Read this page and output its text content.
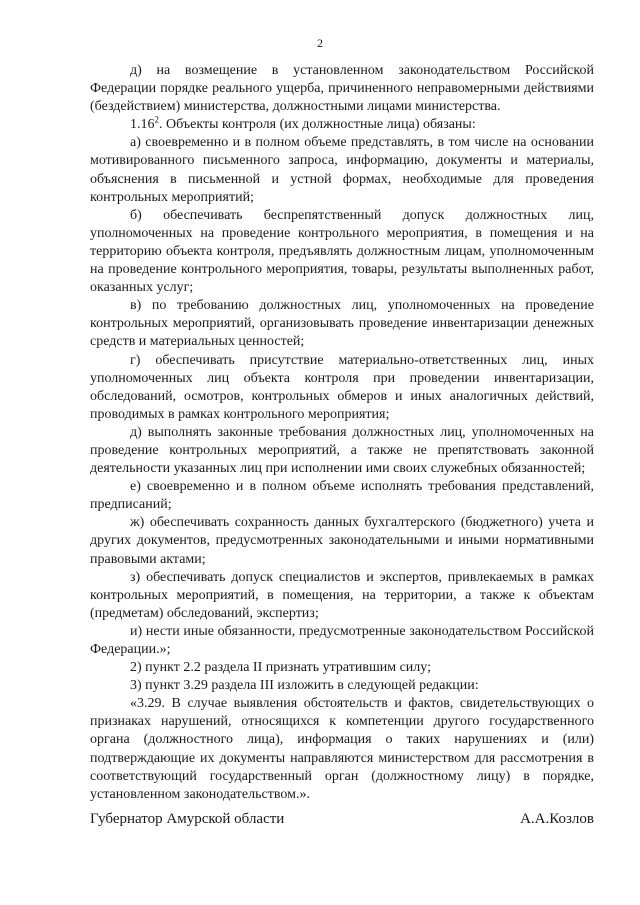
2

д) на возмещение в установленном законодательством Российской Федерации порядке реального ущерба, причиненного неправомерными действиями (бездействием) министерства, должностными лицами министерства.

1.16$^2$. Объекты контроля (их должностные лица) обязаны:

а) своевременно и в полном объеме представлять, в том числе на основании мотивированного письменного запроса, информацию, документы и материалы, объяснения в письменной и устной формах, необходимые для проведения контрольных мероприятий;

б) обеспечивать беспрепятственный допуск должностных лиц, уполномоченных на проведение контрольного мероприятия, в помещения и на территорию объекта контроля, предъявлять должностным лицам, уполномоченным на проведение контрольного мероприятия, товары, результаты выполненных работ, оказанных услуг;

в) по требованию должностных лиц, уполномоченных на проведение контрольных мероприятий, организовывать проведение инвентаризации денежных средств и материальных ценностей;

г) обеспечивать присутствие материально-ответственных лиц, иных уполномоченных лиц объекта контроля при проведении инвентаризации, обследований, осмотров, контрольных обмеров и иных аналогичных действий, проводимых в рамках контрольного мероприятия;

д) выполнять законные требования должностных лиц, уполномоченных на проведение контрольных мероприятий, а также не препятствовать законной деятельности указанных лиц при исполнении ими своих служебных обязанностей;

е) своевременно и в полном объеме исполнять требования представлений, предписаний;

ж) обеспечивать сохранность данных бухгалтерского (бюджетного) учета и других документов, предусмотренных законодательными и иными нормативными правовыми актами;

з) обеспечивать допуск специалистов и экспертов, привлекаемых в рамках контрольных мероприятий, в помещения, на территории, а также к объектам (предметам) обследований, экспертиз;

и) нести иные обязанности, предусмотренные законодательством Российской Федерации.»;

2) пункт 2.2 раздела II признать утратившим силу;

3) пункт 3.29 раздела III изложить в следующей редакции:

«3.29. В случае выявления обстоятельств и фактов, свидетельствующих о признаках нарушений, относящихся к компетенции другого государственного органа (должностного лица), информация о таких нарушениях и (или) подтверждающие их документы направляются министерством для рассмотрения в соответствующий государственный орган (должностному лицу) в порядке, установленном законодательством.».

Губернатор Амурской области	А.А.Козлов
